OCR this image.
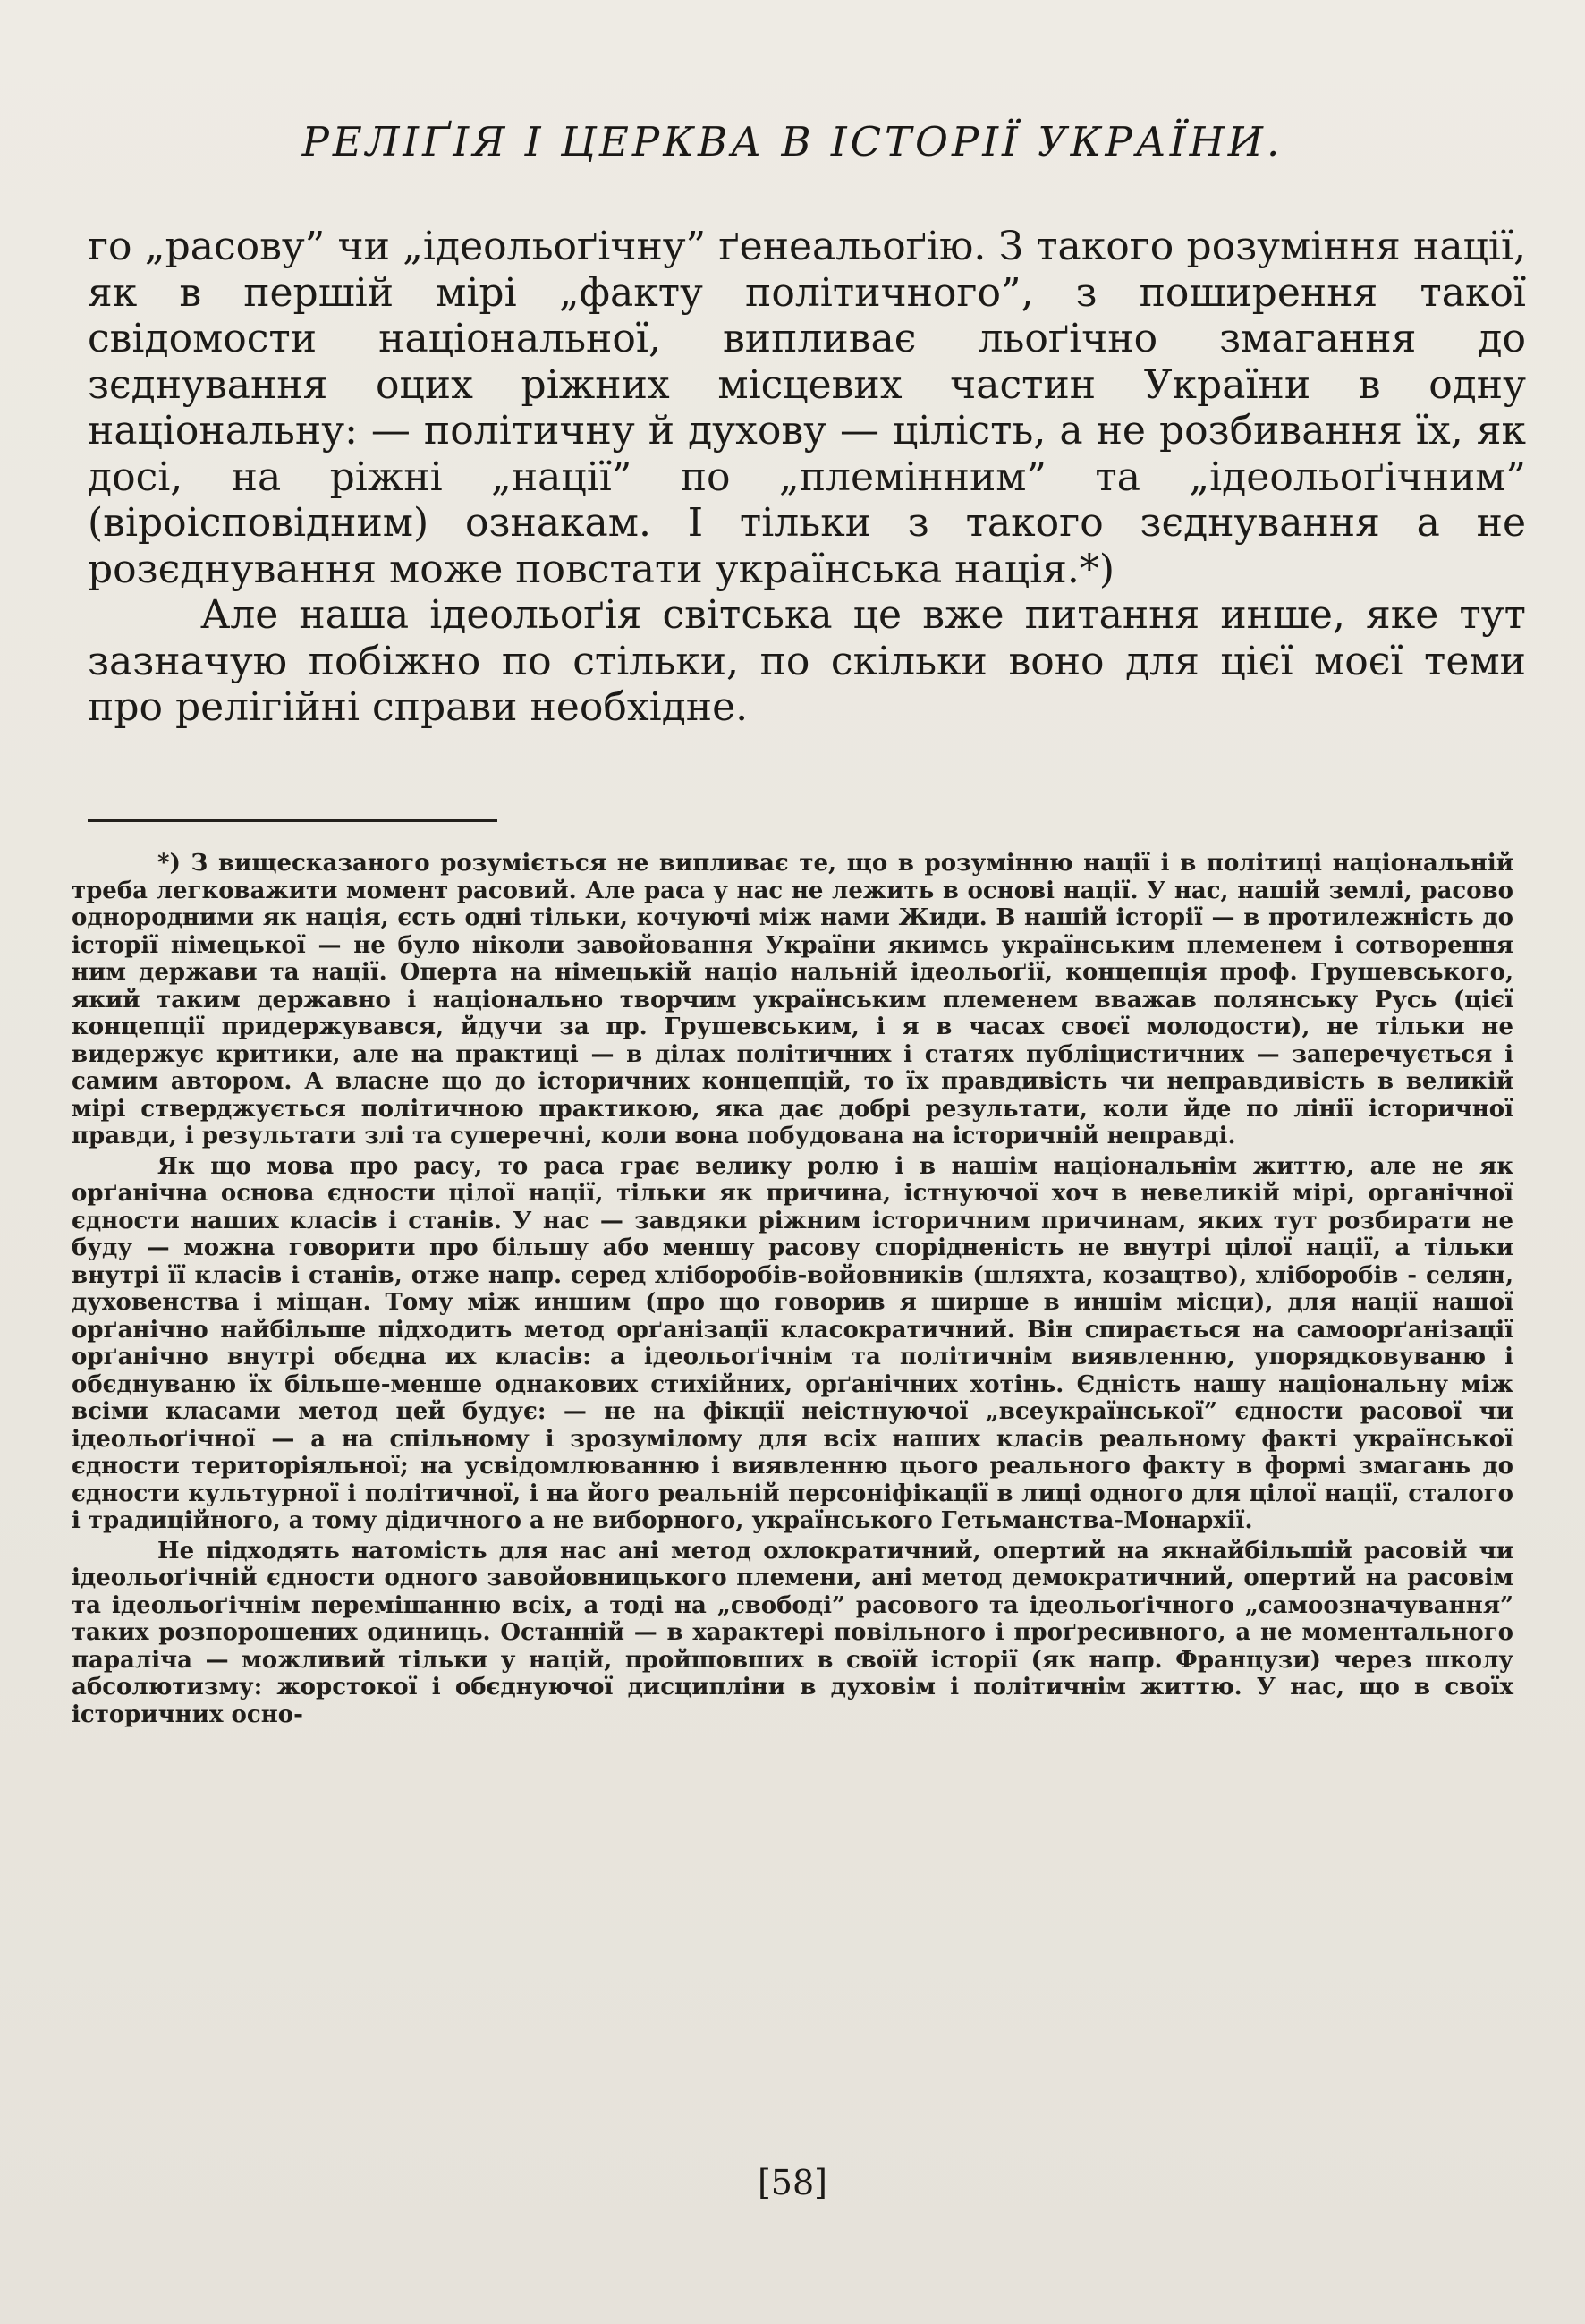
РЕЛІҐІЯ І ЦЕРКВА В ІСТОРІЇ УКРАЇНИ.

го „расову” чи „ідеольоґічну” ґенеальоґію. З такого розуміння нації, як в першій мірі „факту політичного”, з поширення такої свідомости національної, випливає льоґічно змагання до зєднування оцих ріжних місцевих частин України в одну національну: — політичну й духову — цілість, а не розбивання їх, як досі, на ріжні „нації” по „племінним” та „ідеольоґічним” (віроісповідним) ознакам. І тільки з такого зєднування а не розєднування може повстати українська нація.*)

Але наша ідеольоґія світська це вже питання инше, яке тут зазначую побіжно по стільки, по скільки воно для цієї моєї теми про релігійні справи необхідне.

*) З вищесказаного розуміється не випливає те, що в розумінню нації і в політиці національній треба легковажити момент расовий. Але раса у нас не лежить в основі нації. У нас, нашій землі, расово однородними як нація, єсть одні тільки, кочуючі між нами Жиди. В нашій історії — в протилежність до історії німецької — не було ніколи завойовання України якимсь українським племенем і сотворення ним держави та нації. Оперта на німецькій націо нальній ідеольоґії, концепція проф. Грушевського, який таким державно і національно творчим українським племенем вважав полянську Русь (цієї концепції придержувався, йдучи за пр. Грушевським, і я в часах своєї молодости), не тільки не видержує критики, але на практиці — в ділах політичних і статях публіцистичних — заперечується і самим автором. А власне що до історичних концепцій, то їх правдивість чи неправдивість в великій мірі стверджується політичною практикою, яка дає добрі результати, коли йде по лінії історичної правди, і результати злі та суперечні, коли вона побудована на історичній неправді.

Як що мова про расу, то раса грає велику ролю і в нашім національнім життю, але не як орґанічна основа єдности цілої нації, тільки як причина, істнуючої хоч в невеликій мірі, органічної єдности наших класів і станів. У нас — завдяки ріжним історичним причинам, яких тут розбирати не буду — можна говорити про більшу або меншу расову спорідненість не внутрі цілої нації, а тільки внутрі її класів і станів, отже напр. серед хліборобів-войовників (шляхта, козацтво), хліборобів - селян, духовенства і міщан. Тому між иншим (про що говорив я ширше в иншім місци), для нації нашої орґанічно найбільше підходить метод орґанізації класократичний. Він спирається на самоорґанізації орґанічно внутрі обєдна их класів: а ідеольоґічнім та політичнім виявленню, упорядковуваню і обєднуваню їх більше-менше однакових стихійних, орґанічних хотінь. Єдність нашу національну між всіми класами метод цей будує: — не на фікції неістнуючої „всеукраїнської” єдности расової чи ідеольоґічної — а на спільному і зрозумілому для всіх наших класів реальному факті української єдности територіяльної; на усвідомлюванню і виявленню цього реального факту в формі змагань до єдности культурної і політичної, і на його реальній персоніфікації в лиці одного для цілої нації, сталого і традиційного, а тому дідичного а не виборного, українського Гетьманства-Монархії.

Не підходять натомість для нас ані метод охлократичний, опертий на якнайбільшій расовій чи ідеольоґічній єдности одного завойовницького племени, ані метод демократичний, опертий на расовім та ідеольоґічнім перемішанню всіх, а тоді на „свободі” расового та ідеольоґічного „самоозначування” таких розпорошених одиниць. Останній — в характері повільного і проґресивного, а не моментального параліча — можливий тільки у націй, пройшовших в своїй історії (як напр. Французи) через школу абсолютизму: жорстокої і обєднуючої дисципліни в духовім і політичнім життю. У нас, що в своїх історичних осно-

[58]
